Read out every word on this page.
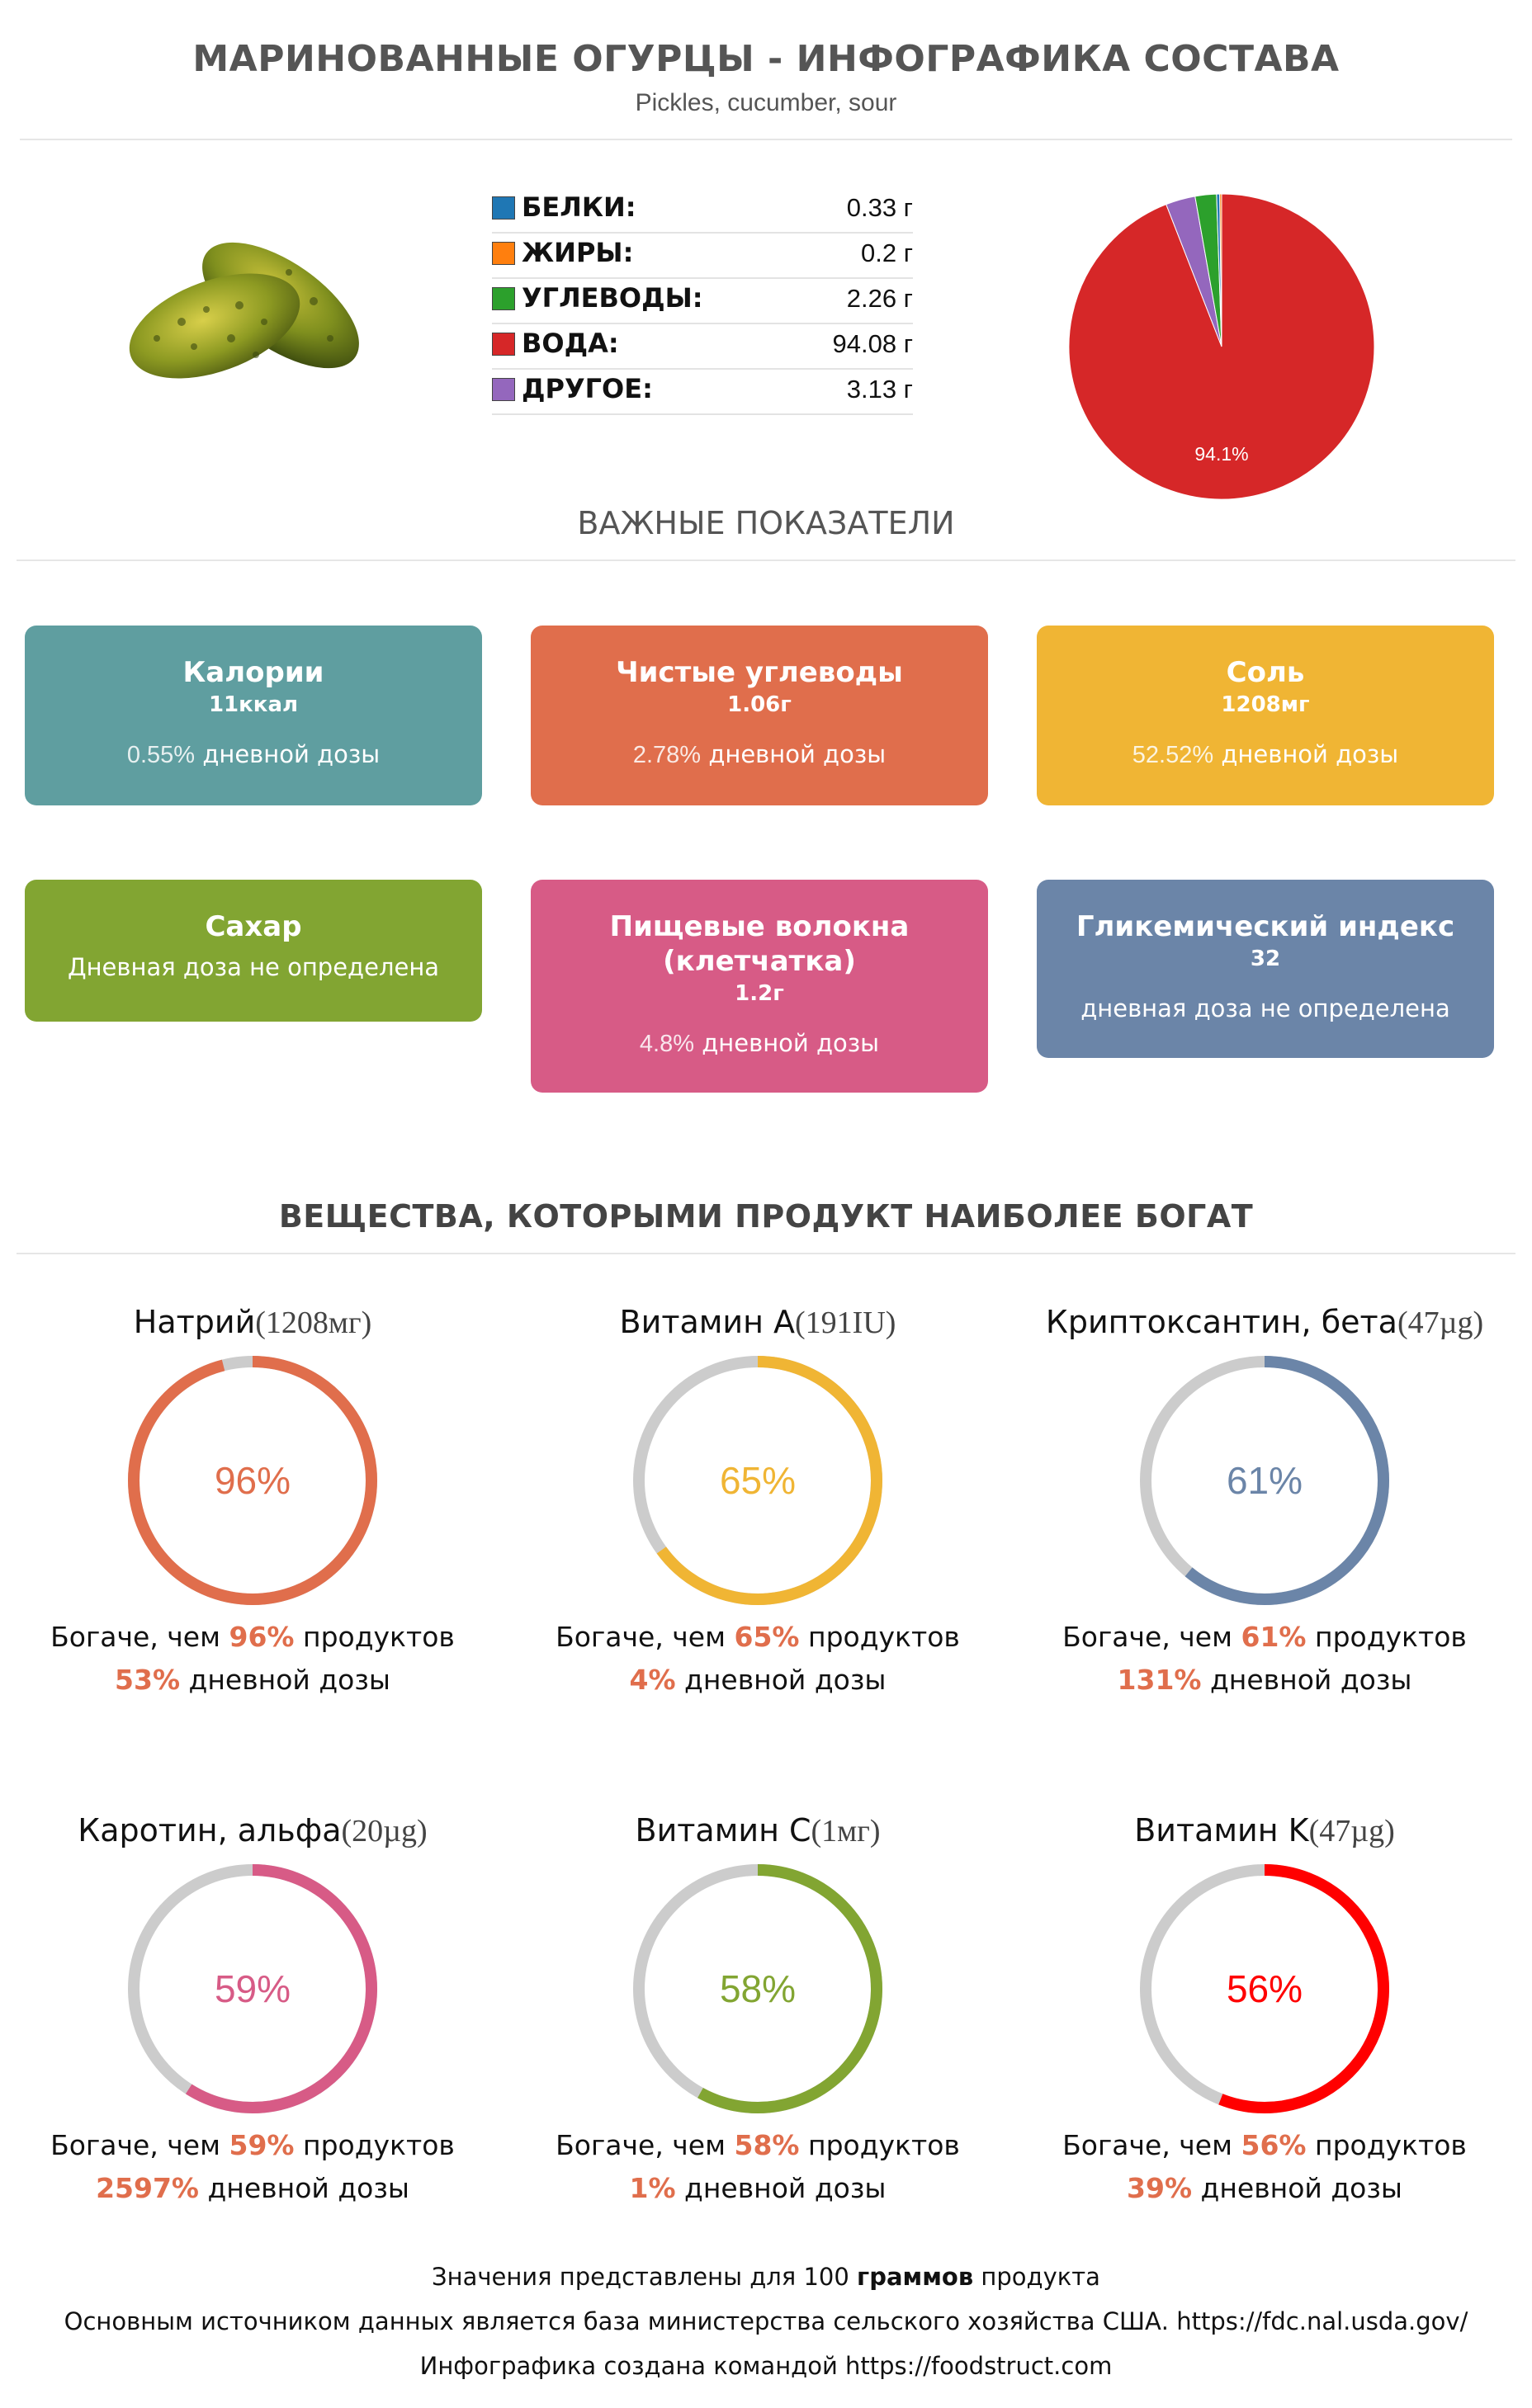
МАРИНОВАННЫЕ ОГУРЦЫ - ИНФОГРАФИКА СОСТАВА
Pickles, cucumber, sour
БЕЛКИ:	0.33 г
ЖИРЫ:	0.2 г
УГЛЕВОДЫ:	2.26 г
ВОДА:	94.08 г
ДРУГОЕ:	3.13 г
94.1%
ВАЖНЫЕ ПОКАЗАТЕЛИ
Калории
11ккал
0.55% дневной дозы
Чистые углеводы
1.06г
2.78% дневной дозы
Соль
1208мг
52.52% дневной дозы
Сахар
Дневная доза не определена
Пищевые волокна (клетчатка)
1.2г
4.8% дневной дозы
Гликемический индекс
32
дневная доза не определена
ВЕЩЕСТВА, КОТОРЫМИ ПРОДУКТ НАИБОЛЕЕ БОГАТ
Натрий(1208мг)	Витамин A(191IU)	Криптоксантин, бета(47µg)
Каротин, альфа(20µg)	Витамин C(1мг)	Витамин K(47µg)
96%	65%	61%
59%	58%	56%
Богаче, чем 96% продуктов
53% дневной дозы
Богаче, чем 65% продуктов
4% дневной дозы
Богаче, чем 61% продуктов
131% дневной дозы
Богаче, чем 59% продуктов
2597% дневной дозы
Богаче, чем 58% продуктов
1% дневной дозы
Богаче, чем 56% продуктов
39% дневной дозы
Значения представлены для 100 граммов продукта
Основным источником данных является база министерства сельского хозяйства США. https://fdc.nal.usda.gov/
Инфографика создана командой https://foodstruct.com
